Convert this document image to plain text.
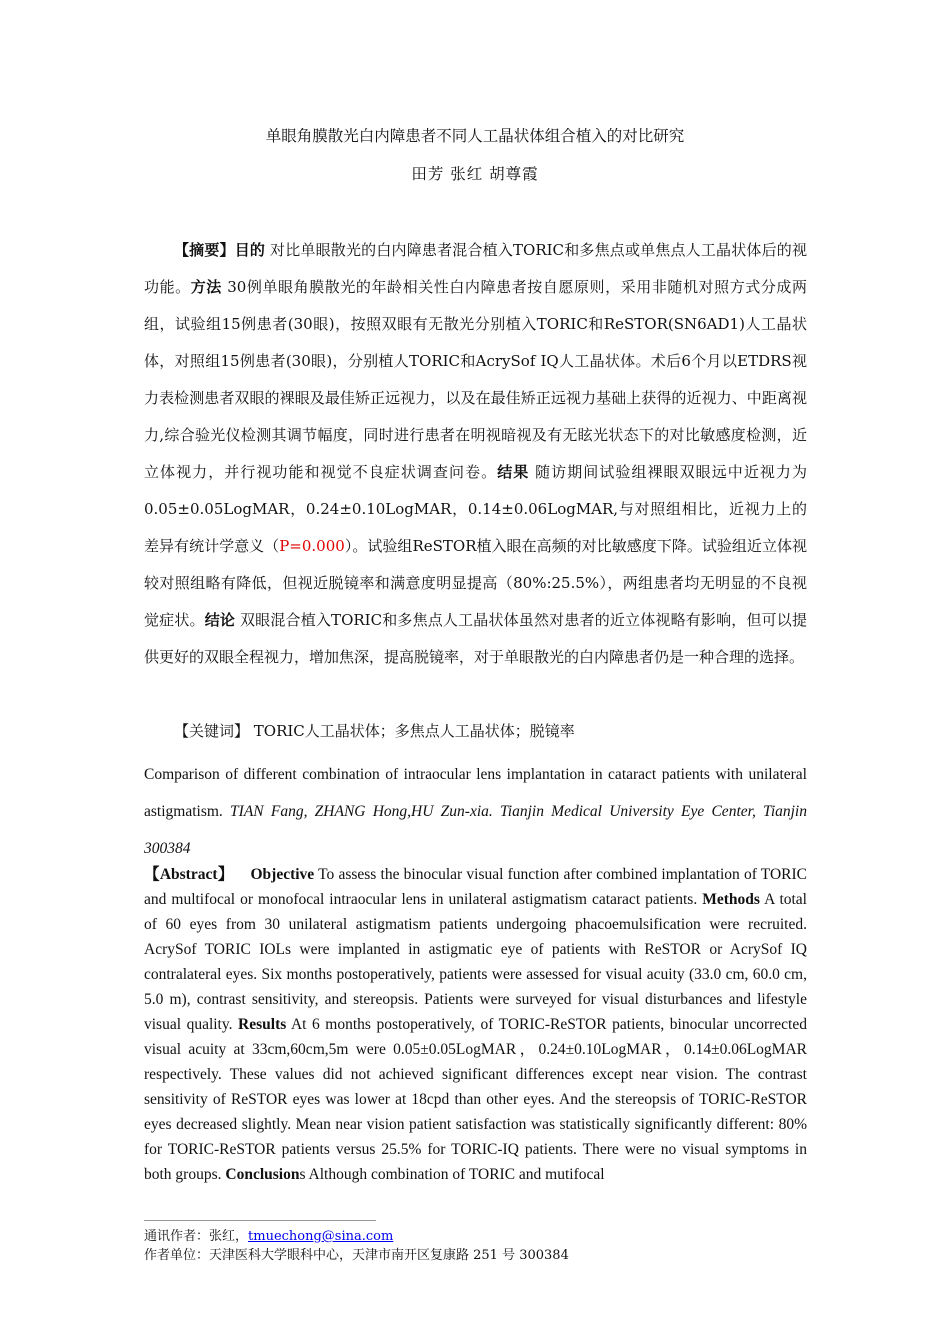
单眼角膜散光白内障患者不同人工晶状体组合植入的对比研究
田芳 张红 胡尊霞

【摘要】目的 对比单眼散光的白内障患者混合植入TORIC和多焦点或单焦点人工晶状体后的视功能。方法 30例单眼角膜散光的年龄相关性白内障患者按自愿原则，采用非随机对照方式分成两组，试验组15例患者(30眼)，按照双眼有无散光分别植入TORIC和ReSTOR(SN6AD1)人工晶状体，对照组15例患者(30眼)，分别植人TORIC和AcrySof IQ人工晶状体。术后6个月以ETDRS视力表检测患者双眼的裸眼及最佳矫正远视力，以及在最佳矫正远视力基础上获得的近视力、中距离视力,综合验光仪检测其调节幅度，同时进行患者在明视暗视及有无眩光状态下的对比敏感度检测，近立体视力，并行视功能和视觉不良症状调查问卷。结果 随访期间试验组裸眼双眼远中近视力为0.05±0.05LogMAR，0.24±0.10LogMAR，0.14±0.06LogMAR,与对照组相比，近视力上的差异有统计学意义（P=0.000）。试验组ReSTOR植入眼在高频的对比敏感度下降。试验组近立体视较对照组略有降低，但视近脱镜率和满意度明显提高（80%:25.5%），两组患者均无明显的不良视觉症状。结论 双眼混合植入TORIC和多焦点人工晶状体虽然对患者的近立体视略有影响，但可以提供更好的双眼全程视力，增加焦深，提高脱镜率，对于单眼散光的白内障患者仍是一种合理的选择。

【关键词】 TORIC人工晶状体；多焦点人工晶状体；脱镜率

Comparison of different combination of intraocular lens implantation in cataract patients with unilateral astigmatism. TIAN Fang, ZHANG Hong,HU Zun-xia. Tianjin Medical University Eye Center, Tianjin 300384

【Abstract】 Objective To assess the binocular visual function after combined implantation of TORIC and multifocal or monofocal intraocular lens in unilateral astigmatism cataract patients. Methods A total of 60 eyes from 30 unilateral astigmatism patients undergoing phacoemulsification were recruited. AcrySof TORIC IOLs were implanted in astigmatic eye of patients with ReSTOR or AcrySof IQ contralateral eyes. Six months postoperatively, patients were assessed for visual acuity (33.0 cm, 60.0 cm, 5.0 m), contrast sensitivity, and stereopsis. Patients were surveyed for visual disturbances and lifestyle visual quality. Results At 6 months postoperatively, of TORIC-ReSTOR patients, binocular uncorrected visual acuity at 33cm,60cm,5m were 0.05±0.05LogMAR，0.24±0.10LogMAR，0.14±0.06LogMAR respectively. These values did not achieved significant differences except near vision. The contrast sensitivity of ReSTOR eyes was lower at 18cpd than other eyes. And the stereopsis of TORIC-ReSTOR eyes decreased slightly. Mean near vision patient satisfaction was statistically significantly different: 80% for TORIC-ReSTOR patients versus 25.5% for TORIC-IQ patients. There were no visual symptoms in both groups. Conclusions Although combination of TORIC and mutifocal

通讯作者：张红，tmuechong@sina.com
作者单位：天津医科大学眼科中心，天津市南开区复康路 251 号 300384
